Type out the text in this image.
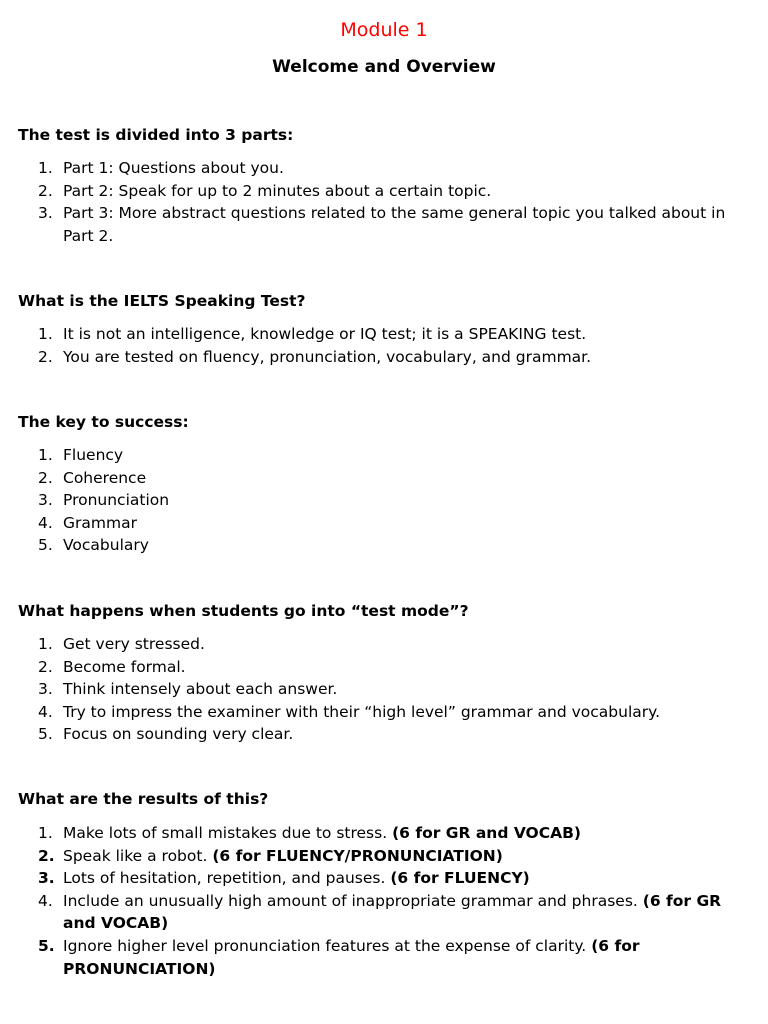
Module 1
Welcome and Overview
The test is divided into 3 parts:
1. Part 1: Questions about you.
2. Part 2: Speak for up to 2 minutes about a certain topic.
3. Part 3: More abstract questions related to the same general topic you talked about in Part 2.
What is the IELTS Speaking Test?
1. It is not an intelligence, knowledge or IQ test; it is a SPEAKING test.
2. You are tested on fluency, pronunciation, vocabulary, and grammar.
The key to success:
1. Fluency
2. Coherence
3. Pronunciation
4. Grammar
5. Vocabulary
What happens when students go into “test mode”?
1. Get very stressed.
2. Become formal.
3. Think intensely about each answer.
4. Try to impress the examiner with their “high level” grammar and vocabulary.
5. Focus on sounding very clear.
What are the results of this?
1. Make lots of small mistakes due to stress. (6 for GR and VOCAB)
2. Speak like a robot. (6 for FLUENCY/PRONUNCIATION)
3. Lots of hesitation, repetition, and pauses. (6 for FLUENCY)
4. Include an unusually high amount of inappropriate grammar and phrases. (6 for GR and VOCAB)
5. Ignore higher level pronunciation features at the expense of clarity. (6 for PRONUNCIATION)
